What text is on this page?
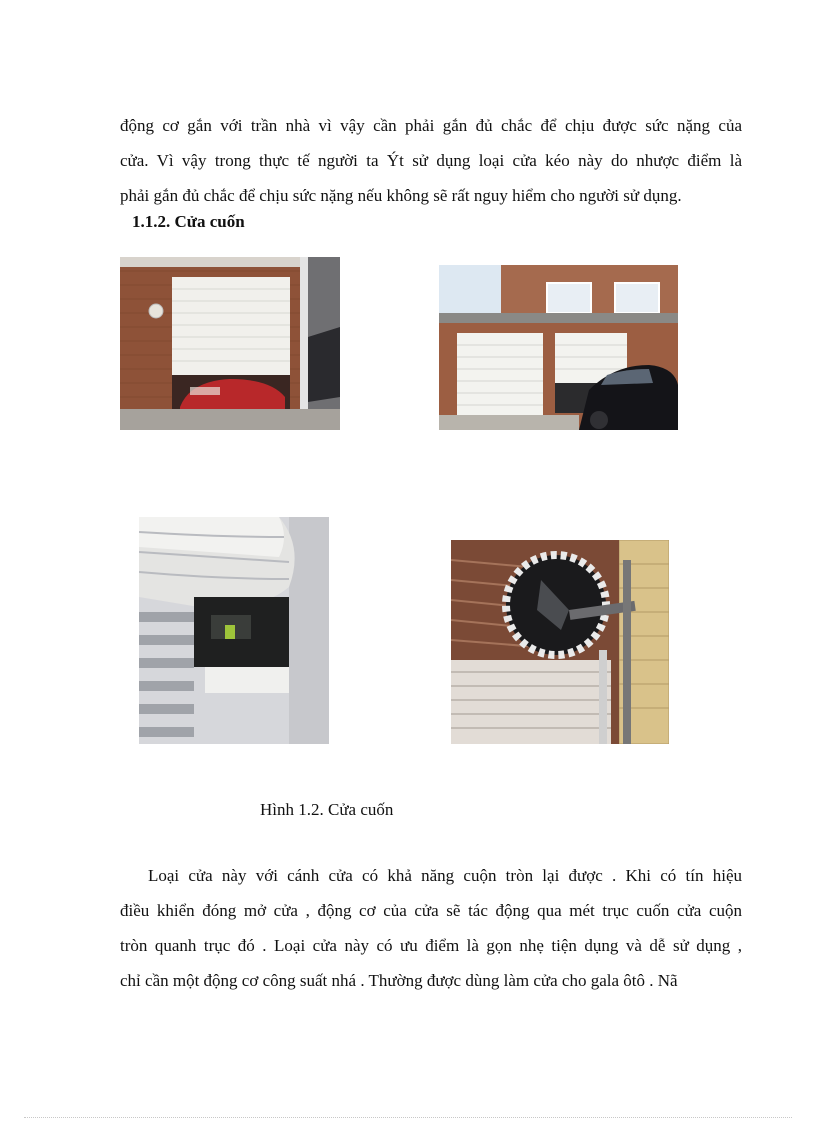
động cơ gắn với trần nhà vì vậy cần phải gắn đủ chắc để chịu được sức nặng của
cửa. Vì vậy trong thực tế người ta Ýt sử dụng loại cửa kéo này do nhược điểm là
phải gắn đủ chắc để chịu sức nặng nếu không sẽ rất nguy hiểm cho người sử dụng.

1.1.2. Cửa cuốn

Hình 1.2. Cửa cuốn

Loại cửa này với cánh cửa có khả năng cuộn tròn lại được . Khi có tín hiệu
điều khiển đóng mở cửa , động cơ của cửa sẽ tác động qua mét trục cuốn cửa cuộn
tròn quanh trục đó . Loại cửa này có ưu điểm là gọn nhẹ tiện dụng và dễ sử dụng ,
chỉ cần một động cơ công suất nhá . Thường được dùng làm cửa cho gala ôtô . Nã
